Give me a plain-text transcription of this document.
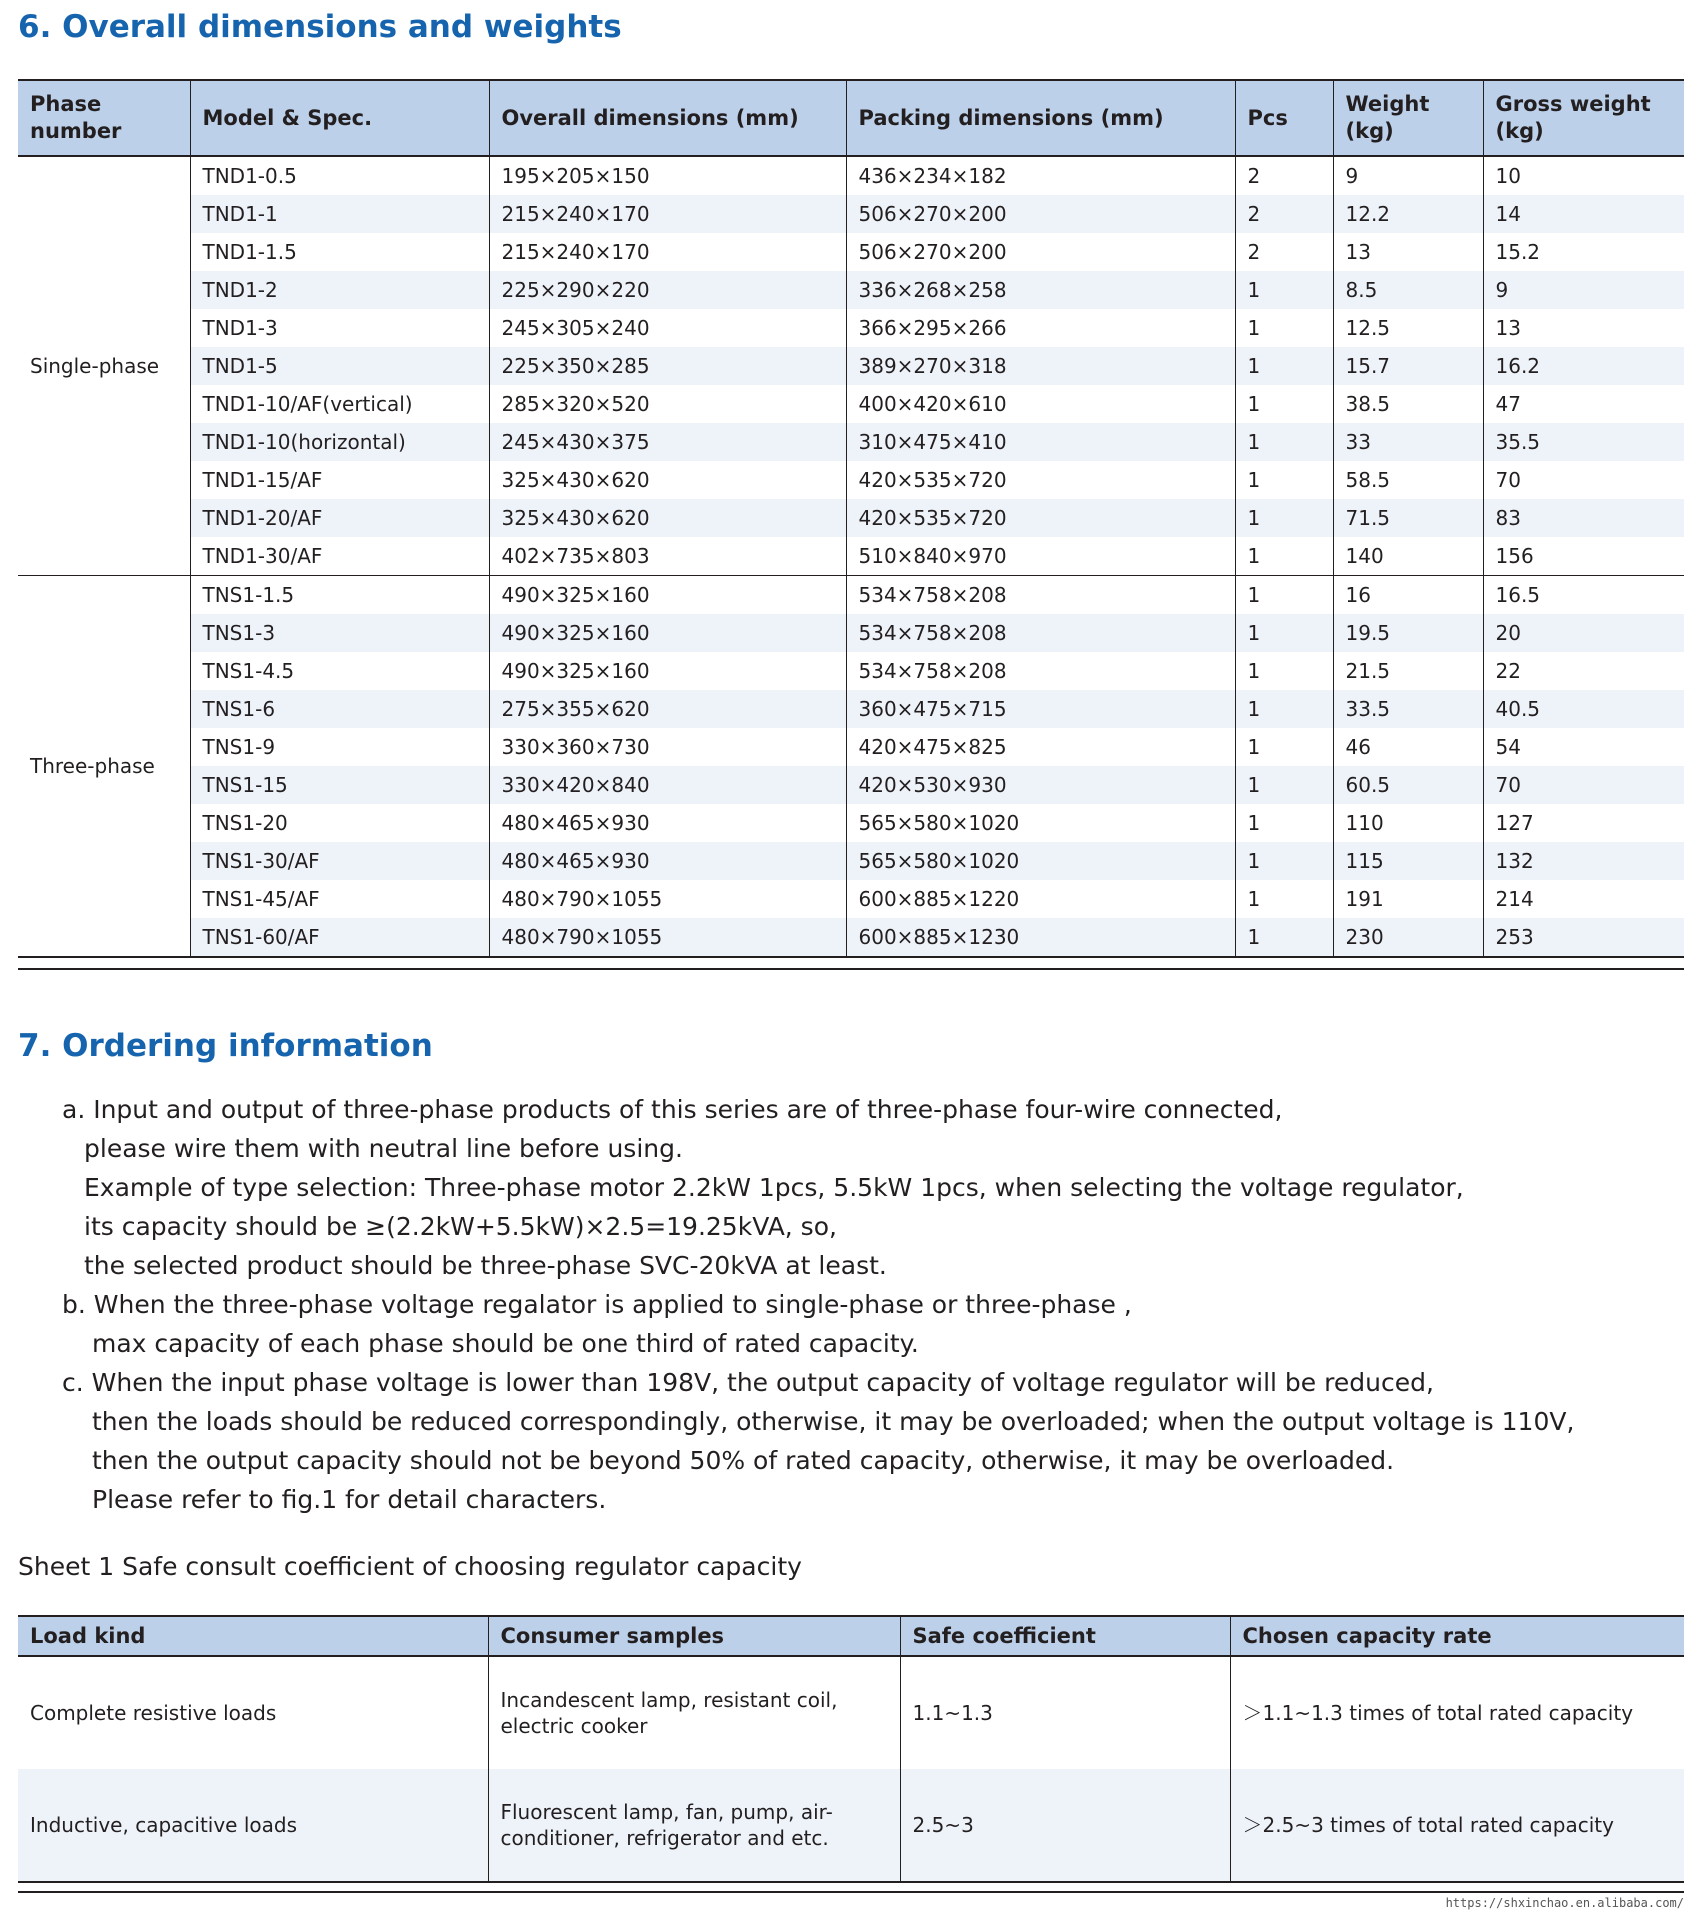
6. Overall dimensions and weights
Phase number	Model & Spec.	Overall dimensions (mm)	Packing dimensions (mm)	Pcs	Weight (kg)	Gross weight (kg)
Single-phase	TND1-0.5	195×205×150	436×234×182	2	9	10
	TND1-1	215×240×170	506×270×200	2	12.2	14
	TND1-1.5	215×240×170	506×270×200	2	13	15.2
	TND1-2	225×290×220	336×268×258	1	8.5	9
	TND1-3	245×305×240	366×295×266	1	12.5	13
	TND1-5	225×350×285	389×270×318	1	15.7	16.2
	TND1-10/AF(vertical)	285×320×520	400×420×610	1	38.5	47
	TND1-10(horizontal)	245×430×375	310×475×410	1	33	35.5
	TND1-15/AF	325×430×620	420×535×720	1	58.5	70
	TND1-20/AF	325×430×620	420×535×720	1	71.5	83
	TND1-30/AF	402×735×803	510×840×970	1	140	156
Three-phase	TNS1-1.5	490×325×160	534×758×208	1	16	16.5
	TNS1-3	490×325×160	534×758×208	1	19.5	20
	TNS1-4.5	490×325×160	534×758×208	1	21.5	22
	TNS1-6	275×355×620	360×475×715	1	33.5	40.5
	TNS1-9	330×360×730	420×475×825	1	46	54
	TNS1-15	330×420×840	420×530×930	1	60.5	70
	TNS1-20	480×465×930	565×580×1020	1	110	127
	TNS1-30/AF	480×465×930	565×580×1020	1	115	132
	TNS1-45/AF	480×790×1055	600×885×1220	1	191	214
	TNS1-60/AF	480×790×1055	600×885×1230	1	230	253
7. Ordering information
a. Input and output of three-phase products of this series are of three-phase four-wire connected,
please wire them with neutral line before using.
Example of type selection: Three-phase motor 2.2kW 1pcs, 5.5kW 1pcs, when selecting the voltage regulator,
its capacity should be ≥(2.2kW+5.5kW)×2.5=19.25kVA, so,
the selected product should be three-phase SVC-20kVA at least.
b. When the three-phase voltage regalator is applied to single-phase or three-phase ,
max capacity of each phase should be one third of rated capacity.
c. When the input phase voltage is lower than 198V, the output capacity of voltage regulator will be reduced,
then the loads should be reduced correspondingly, otherwise, it may be overloaded; when the output voltage is 110V,
then the output capacity should not be beyond 50% of rated capacity, otherwise, it may be overloaded.
Please refer to fig.1 for detail characters.
Sheet 1 Safe consult coefficient of choosing regulator capacity
Load kind	Consumer samples	Safe coefficient	Chosen capacity rate
Complete resistive loads	Incandescent lamp, resistant coil, electric cooker	1.1~1.3	＞1.1~1.3 times of total rated capacity
Inductive, capacitive loads	Fluorescent lamp, fan, pump, air-conditioner, refrigerator and etc.	2.5~3	＞2.5~3 times of total rated capacity
https://shxinchao.en.alibaba.com/
